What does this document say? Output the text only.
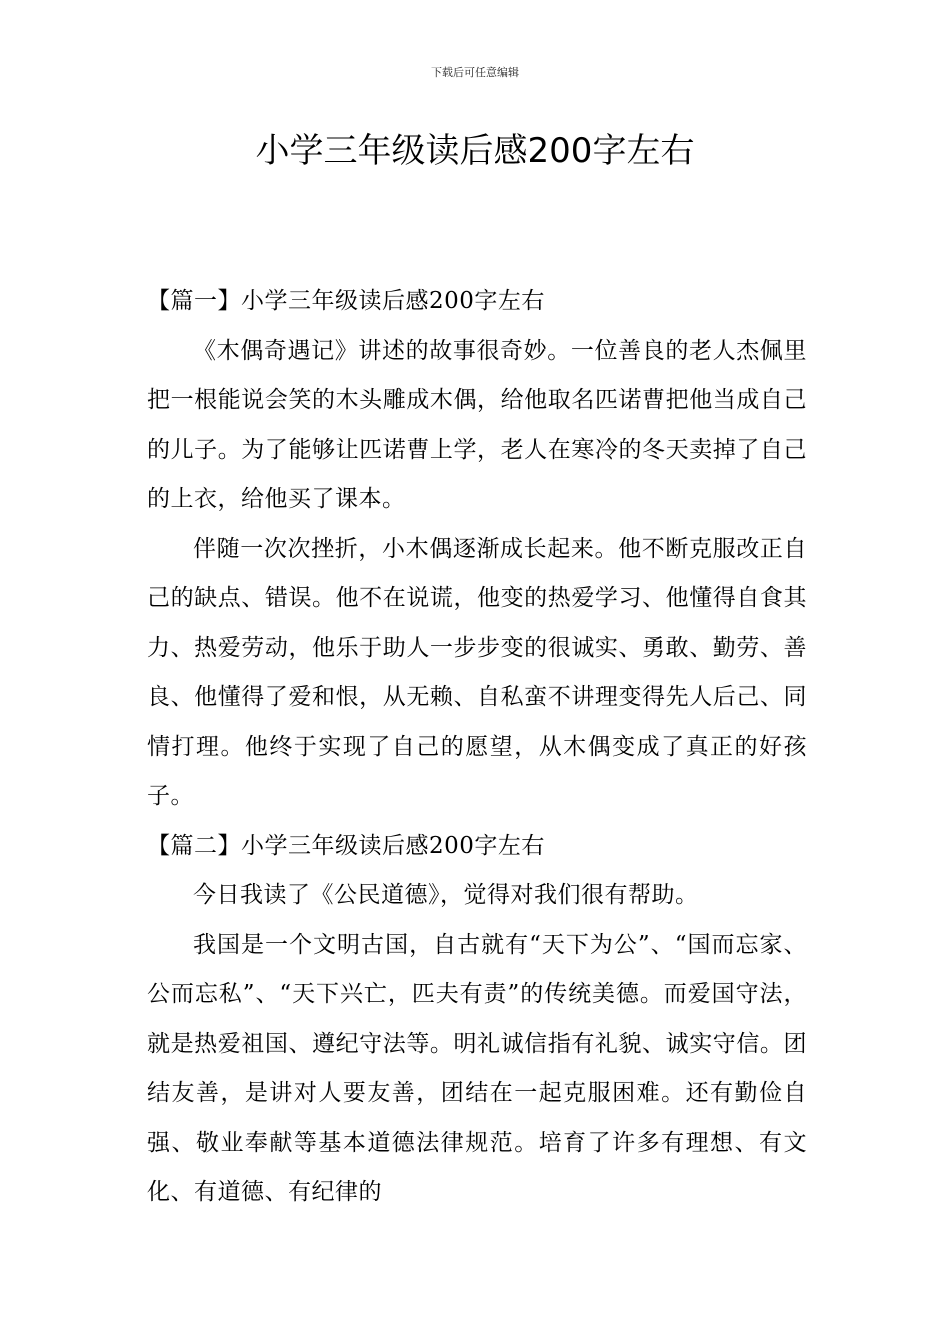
下载后可任意编辑
小学三年级读后感200字左右
【篇一】小学三年级读后感200字左右

《木偶奇遇记》讲述的故事很奇妙。一位善良的老人杰佩里把一根能说会笑的木头雕成木偶，给他取名匹诺曹把他当成自己的儿子。为了能够让匹诺曹上学，老人在寒冷的冬天卖掉了自己的上衣，给他买了课本。

伴随一次次挫折，小木偶逐渐成长起来。他不断克服改正自己的缺点、错误。他不在说谎，他变的热爱学习、他懂得自食其力、热爱劳动，他乐于助人一步步变的很诚实、勇敢、勤劳、善良、他懂得了爱和恨，从无赖、自私蛮不讲理变得先人后己、同情打理。他终于实现了自己的愿望，从木偶变成了真正的好孩子。

【篇二】小学三年级读后感200字左右

今日我读了《公民道德》，觉得对我们很有帮助。

我国是一个文明古国，自古就有“天下为公”、“国而忘家、公而忘私”、“天下兴亡，匹夫有责”的传统美德。而爱国守法，就是热爱祖国、遵纪守法等。明礼诚信指有礼貌、诚实守信。团结友善，是讲对人要友善，团结在一起克服困难。还有勤俭自强、敬业奉献等基本道德法律规范。培育了许多有理想、有文化、有道德、有纪律的
